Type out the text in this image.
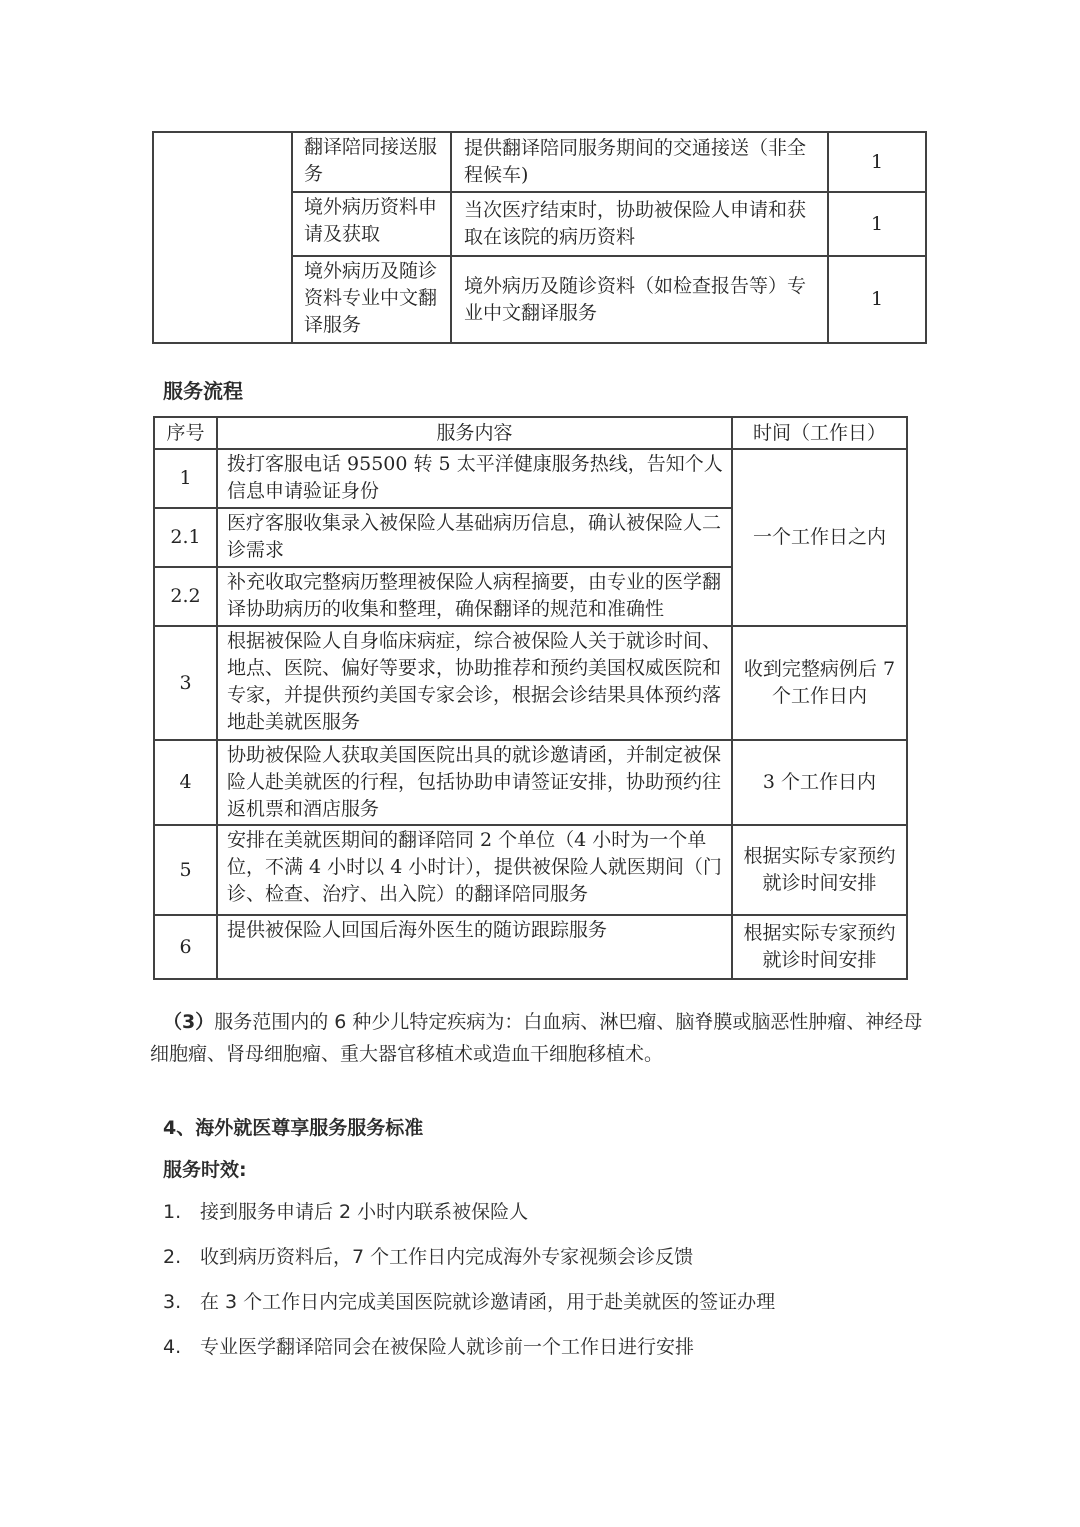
	翻译陪同接送服务	提供翻译陪同服务期间的交通接送（非全程候车)	1
	境外病历资料申请及获取	当次医疗结束时，协助被保险人申请和获取在该院的病历资料	1
	境外病历及随诊资料专业中文翻译服务	境外病历及随诊资料（如检查报告等）专业中文翻译服务	1
服务流程
序号	服务内容	时间（工作日）
1	拨打客服电话 95500 转 5 太平洋健康服务热线，告知个人信息申请验证身份	一个工作日之内
2.1	医疗客服收集录入被保险人基础病历信息，确认被保险人二诊需求	
2.2	补充收取完整病历整理被保险人病程摘要，由专业的医学翻译协助病历的收集和整理，确保翻译的规范和准确性	
3	根据被保险人自身临床病症，综合被保险人关于就诊时间、地点、医院、偏好等要求，协助推荐和预约美国权威医院和专家，并提供预约美国专家会诊，根据会诊结果具体预约落地赴美就医服务	收到完整病例后 7 个工作日内
4	协助被保险人获取美国医院出具的就诊邀请函，并制定被保险人赴美就医的行程，包括协助申请签证安排，协助预约往返机票和酒店服务	3 个工作日内
5	安排在美就医期间的翻译陪同 2 个单位（4 小时为一个单位，不满 4 小时以 4 小时计），提供被保险人就医期间（门诊、检查、治疗、出入院）的翻译陪同服务	根据实际专家预约就诊时间安排
6	提供被保险人回国后海外医生的随访跟踪服务	根据实际专家预约就诊时间安排
（3）服务范围内的 6 种少儿特定疾病为：白血病、淋巴瘤、脑脊膜或脑恶性肿瘤、神经母细胞瘤、肾母细胞瘤、重大器官移植术或造血干细胞移植术。
4、海外就医尊享服务服务标准
服务时效:
1. 接到服务申请后 2 小时内联系被保险人
2. 收到病历资料后，7 个工作日内完成海外专家视频会诊反馈
3. 在 3 个工作日内完成美国医院就诊邀请函，用于赴美就医的签证办理
4. 专业医学翻译陪同会在被保险人就诊前一个工作日进行安排
